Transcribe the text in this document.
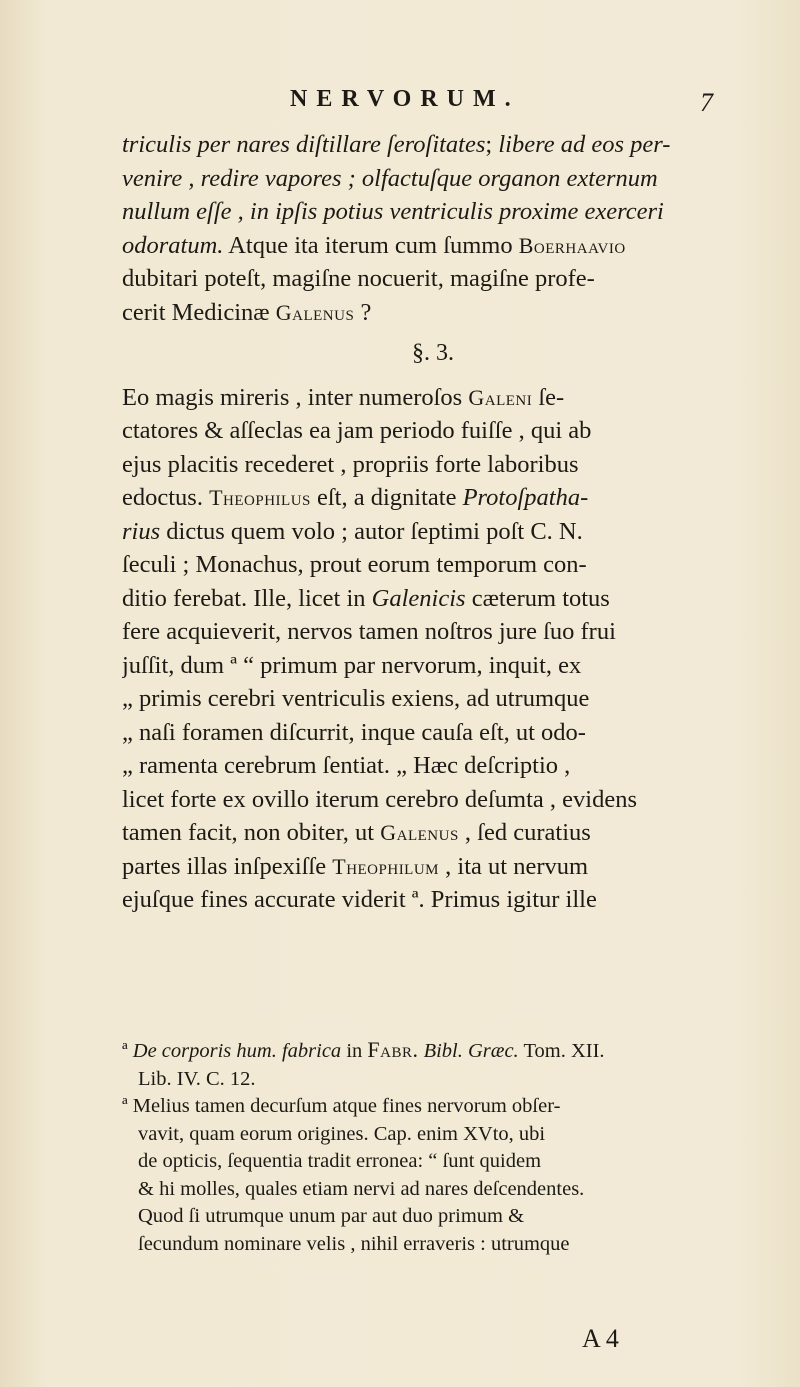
NERVORUM.	7
triculis per nares diſtillare ſeroſitates; libere ad eos per-
venire , redire vapores ; olfactuſque organon externum
nullum eſſe , in ipſis potius ventriculis proxime exerceri
odoratum. Atque ita iterum cum ſummo Boerhaavio
dubitari poteſt, magiſne nocuerit, magiſne profe-
cerit Medicinæ Galenus ?
§. 3.
Eo magis mireris , inter numeroſos Galeni ſe-
ctatores & aſſeclas ea jam periodo fuiſſe , qui ab
ejus placitis recederet , propriis forte laboribus
edoctus. Theophilus eſt, a dignitate Protoſpatha-
rius dictus quem volo ; autor ſeptimi poſt C. N.
ſeculi ; Monachus, prout eorum temporum con-
ditio ferebat. Ille, licet in Galenicis cæterum totus
fere acquieverit, nervos tamen noſtros jure ſuo frui
juſſit, dum ª “ primum par nervorum, inquit, ex
„ primis cerebri ventriculis exiens, ad utrumque
„ naſi foramen diſcurrit, inque cauſa eſt, ut odo-
„ ramenta cerebrum ſentiat. „ Hæc deſcriptio ,
licet forte ex ovillo iterum cerebro deſumta , evidens
tamen facit, non obiter, ut Galenus , ſed curatius
partes illas inſpexiſſe Theophilum , ita ut nervum
ejuſque fines accurate viderit ª. Primus igitur ille
ª De corporis hum. fabrica in Fabr. Bibl. Græc. Tom. XII.
Lib. IV. C. 12.
ª Melius tamen decurſum atque fines nervorum obſer-
vavit, quam eorum origines. Cap. enim XVto, ubi
de opticis, ſequentia tradit erronea: “ ſunt quidem
& hi molles, quales etiam nervi ad nares deſcendentes.
Quod ſi utrumque unum par aut duo primum &
ſecundum nominare velis , nihil erraveris : utrumque
A 4
